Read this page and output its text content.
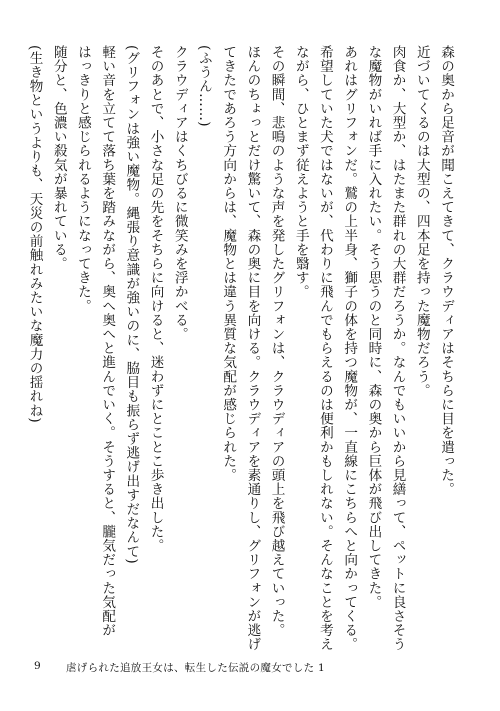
森の奥から足音が聞こえてきて、クラウディアはそちらに目を遣った。
近づいてくるのは大型の、四本足を持った魔物だろう。
肉食か、大型か、はたまた群れの大群だろうか。なんでもいいから見繕って、ペットに良さそう
な魔物がいれば手に入れたい。そう思うのと同時に、森の奥から巨体が飛び出してきた。
あれはグリフォンだ。鷲の上半身、獅子の体を持つ魔物が、一直線にこちらへと向かってくる。
希望していた犬ではないが、代わりに飛んでもらえるのは便利かもしれない。そんなことを考え
ながら、ひとまず従えようと手を翳す。
その瞬間、悲鳴のような声を発したグリフォンは、クラウディアの頭上を飛び越えていった。
ほんのちょっとだけ驚いて、森の奥に目を向ける。クラウディアを素通りし、グリフォンが逃げ
てきたであろう方向からは、魔物とは違う異質な気配が感じられた。
(ふうん……)
クラウディアはくちびるに微笑みを浮かべる。
そのあとで、小さな足の先をそちらに向けると、迷わずにとことこ歩き出した。
(グリフォンは強い魔物。縄張り意識が強いのに、脇目も振らず逃げ出すだなんて)
軽い音を立てて落ち葉を踏みながら、奥へ奥へと進んでいく。そうすると、朧気だった気配が
はっきりと感じられるようになってきた。
随分と、色濃い殺気が暴れている。
(生き物というよりも、天災の前触れみたいな魔力の揺れね)
9 虐げられた追放王女は、転生した伝説の魔女でした 1
